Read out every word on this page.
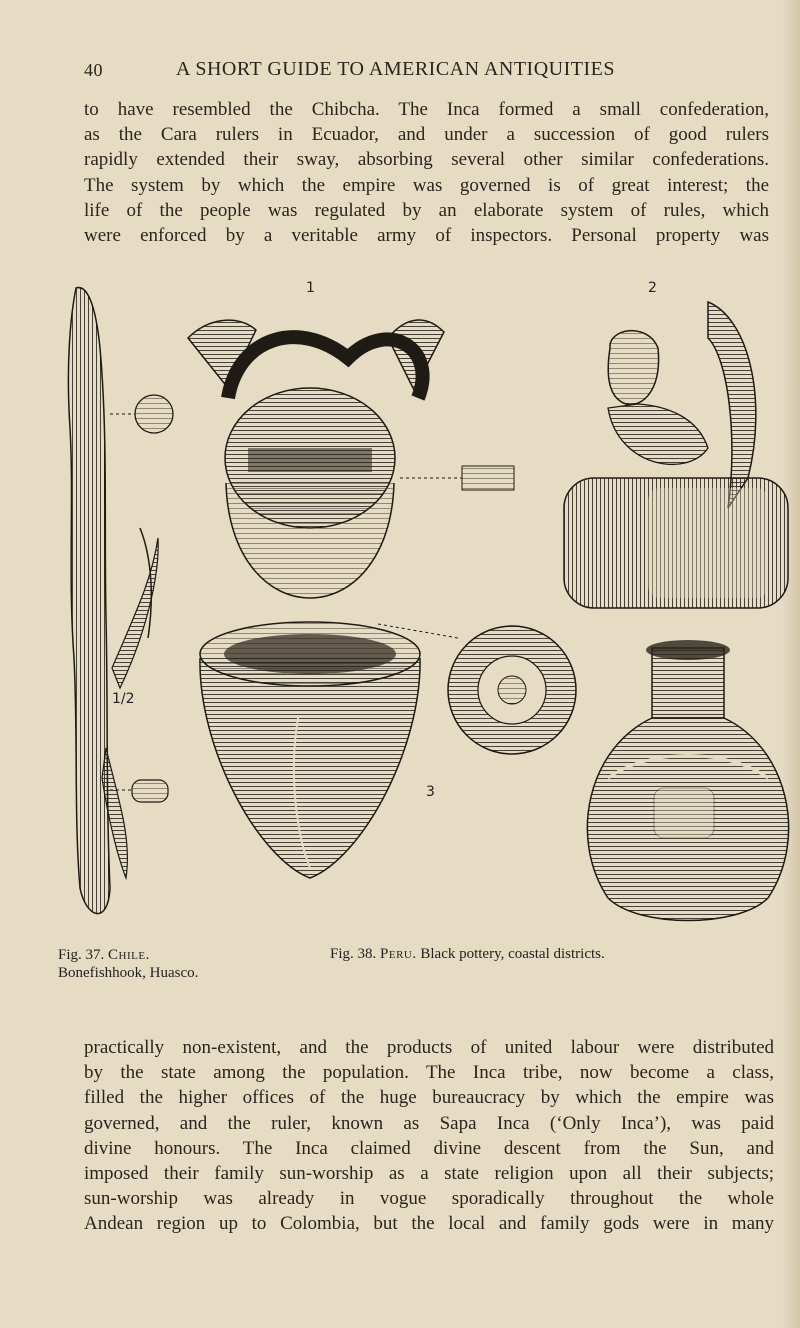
40	A SHORT GUIDE TO AMERICAN ANTIQUITIES
to have resembled the Chibcha. The Inca formed a small confederation,
as the Cara rulers in Ecuador, and under a succession of good rulers
rapidly extended their sway, absorbing several other similar confederations.
The system by which the empire was governed is of great interest; the
life of the people was regulated by an elaborate system of rules, which
were enforced by a veritable army of inspectors. Personal property was
1/2
1	2
3
Fig. 37. Chile.
Bonefishhook, Huasco.
Fig. 38. Peru. Black pottery, coastal districts.
practically non-existent, and the products of united labour were distributed
by the state among the population. The Inca tribe, now become a class,
filled the higher offices of the huge bureaucracy by which the empire was
governed, and the ruler, known as Sapa Inca (‘Only Inca’), was paid
divine honours. The Inca claimed divine descent from the Sun, and
imposed their family sun-worship as a state religion upon all their subjects;
sun-worship was already in vogue sporadically throughout the whole
Andean region up to Colombia, but the local and family gods were in many
